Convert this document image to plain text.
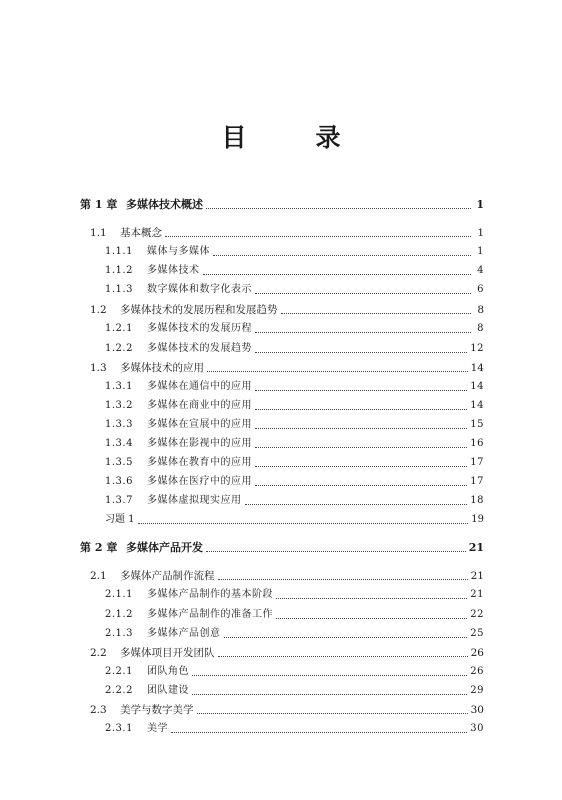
目　录
第 1 章 多媒体技术概述	1
1.1	基本概念	1
1.1.1	媒体与多媒体	1
1.1.2	多媒体技术	4
1.1.3	数字媒体和数字化表示	6
1.2	多媒体技术的发展历程和发展趋势	8
1.2.1	多媒体技术的发展历程	8
1.2.2	多媒体技术的发展趋势	12
1.3	多媒体技术的应用	14
1.3.1	多媒体在通信中的应用	14
1.3.2	多媒体在商业中的应用	14
1.3.3	多媒体在宣展中的应用	15
1.3.4	多媒体在影视中的应用	16
1.3.5	多媒体在教育中的应用	17
1.3.6	多媒体在医疗中的应用	17
1.3.7	多媒体虚拟现实应用	18
习题 1	19
第 2 章 多媒体产品开发	21
2.1	多媒体产品制作流程	21
2.1.1	多媒体产品制作的基本阶段	21
2.1.2	多媒体产品制作的准备工作	22
2.1.3	多媒体产品创意	25
2.2	多媒体项目开发团队	26
2.2.1	团队角色	26
2.2.2	团队建设	29
2.3	美学与数字美学	30
2.3.1	美学	30
